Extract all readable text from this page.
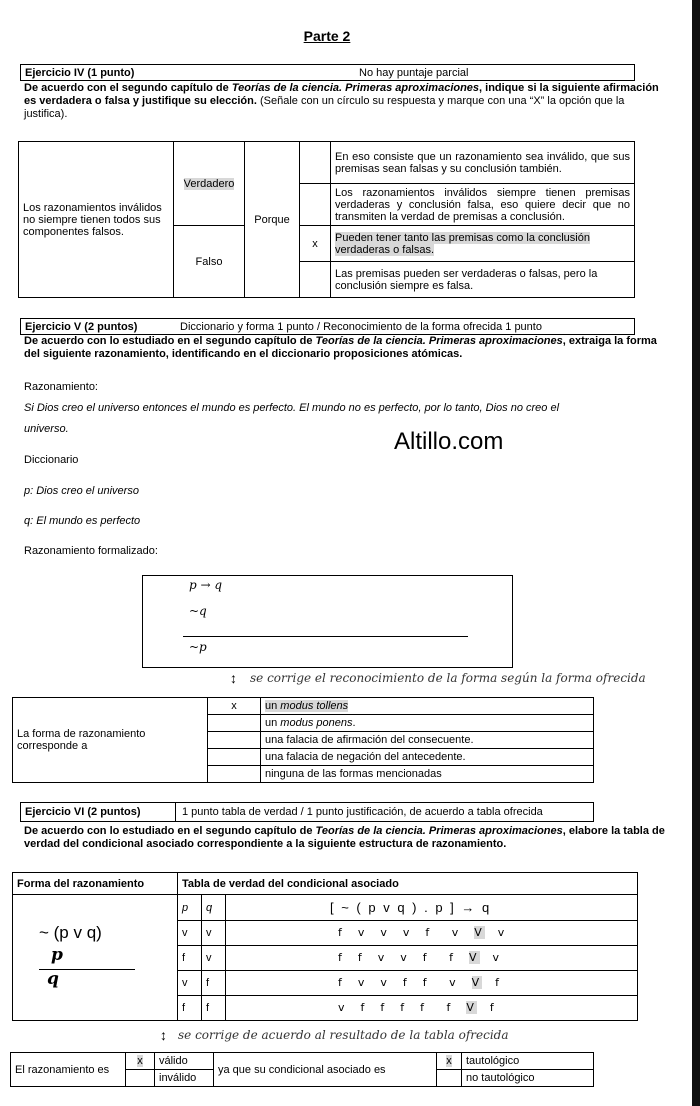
Parte 2
Ejercicio IV (1 punto)	No hay puntaje parcial
De acuerdo con el segundo capítulo de Teorías de la ciencia. Primeras aproximaciones, indique si la siguiente afirmación es verdadera o falsa y justifique su elección. (Señale con un círculo su respuesta y marque con una “X” la opción que la justifica).
Los razonamientos inválidos no siempre tienen todos sus componentes falsos.	Verdadero	Porque		En eso consiste que un razonamiento sea inválido, que sus premisas sean falsas y su conclusión también.
				Los razonamientos inválidos siempre tienen premisas verdaderas y conclusión falsa, eso quiere decir que no transmiten la verdad de premisas a conclusión.
	Falso		x	Pueden tener tanto las premisas como la conclusión verdaderas o falsas.
				Las premisas pueden ser verdaderas o falsas, pero la conclusión siempre es falsa.
Ejercicio V (2 puntos)	Diccionario y forma 1 punto / Reconocimiento de la forma ofrecida 1 punto
De acuerdo con lo estudiado en el segundo capítulo de Teorías de la ciencia. Primeras aproximaciones, extraiga la forma del siguiente razonamiento, identificando en el diccionario proposiciones atómicas.
Razonamiento:
Si Dios creo el universo entonces el mundo es perfecto. El mundo no es perfecto, por lo tanto, Dios no creo el
universo.	Altillo.com
Diccionario
p: Dios creo el universo
q: El mundo es perfecto
Razonamiento formalizado:
p → q
~q
~p
↕ se corrige el reconocimiento de la forma según la forma ofrecida
La forma de razonamiento corresponde a	x	un modus tollens
		un modus ponens.
		una falacia de afirmación del consecuente.
		una falacia de negación del antecedente.
		ninguna de las formas mencionadas
Ejercicio VI (2 puntos)	1 punto tabla de verdad / 1 punto justificación, de acuerdo a tabla ofrecida
De acuerdo con lo estudiado en el segundo capítulo de Teorías de la ciencia. Primeras aproximaciones, elabore la tabla de verdad del condicional asociado correspondiente a la siguiente estructura de razonamiento.
Forma del razonamiento	Tabla de verdad del condicional asociado		

~ (p v q)
p
q	p	q	[ ~ ( p v q ) . p ] → q
	v	v	f  v  v  v  f   v  V  v
	f	v	f  f  v  v  f   f  V  v
	v	f	f  v  v  f  f   v  V  f
	f	f	v  f  f  f  f   f  V  f
↕ se corrige de acuerdo al resultado de la tabla ofrecida
El razonamiento es	x	válido	ya que su condicional asociado es	x	tautológico
		inválido			no tautológico
